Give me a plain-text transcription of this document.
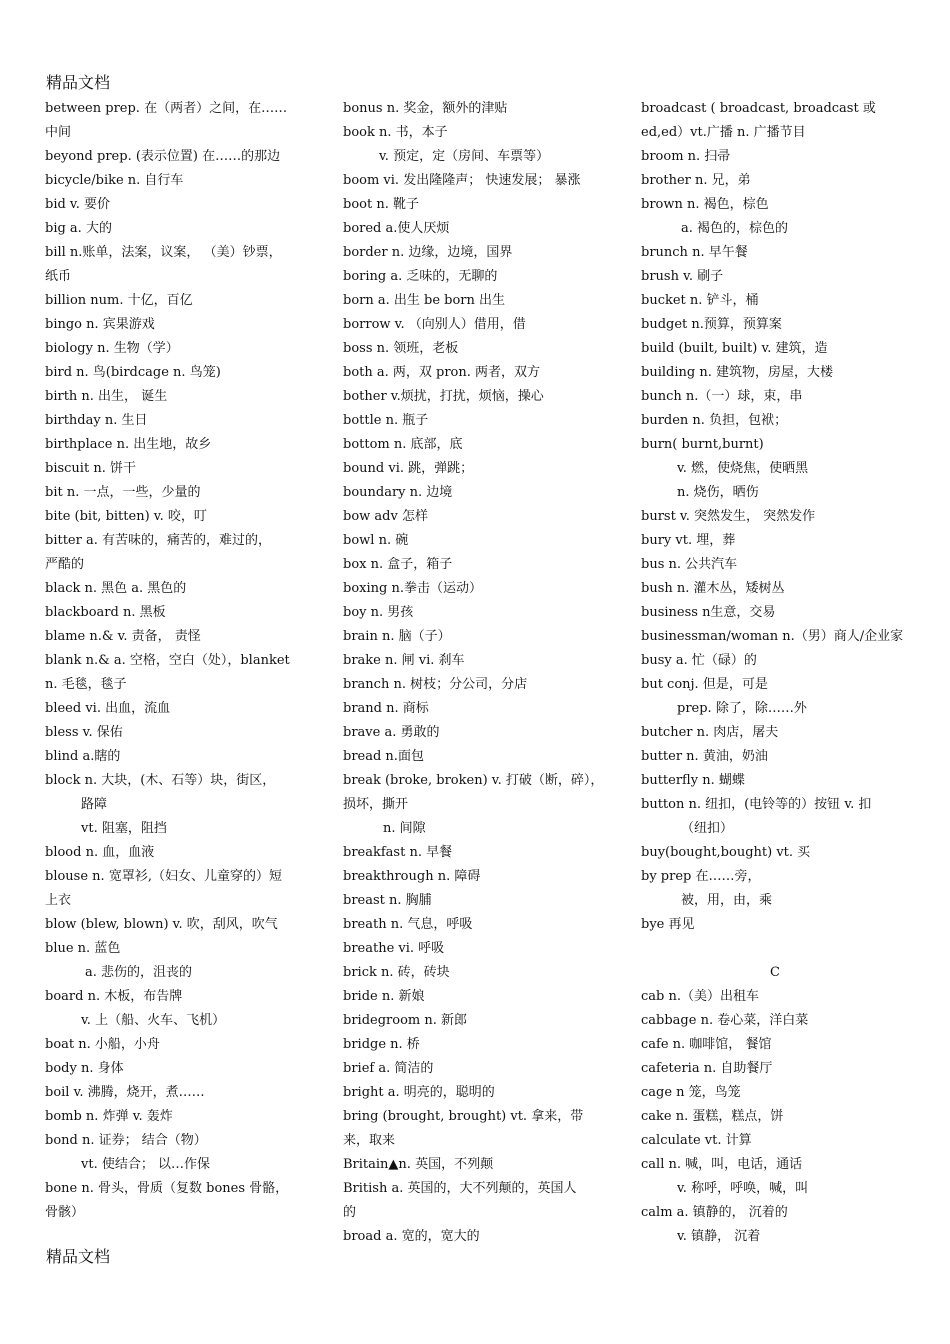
精品文档
between prep. 在（两者）之间，在……
中间
beyond prep. (表示位置) 在……的那边
bicycle/bike n. 自行车
bid v. 要价
big a. 大的
bill n.账单，法案，议案， （美）钞票，
纸币
billion num. 十亿，百亿
bingo n. 宾果游戏
biology n. 生物（学）
bird n. 鸟(birdcage n. 鸟笼)
birth n. 出生， 诞生
birthday n. 生日
birthplace n. 出生地，故乡
biscuit n. 饼干
bit n. 一点，一些，少量的
bite (bit, bitten) v. 咬，叮
bitter a. 有苦味的，痛苦的，难过的，
严酷的
black n. 黑色 a. 黑色的
blackboard n. 黑板
blame n.& v. 责备， 责怪
blank n.& a. 空格，空白（处），blanket
n. 毛毯，毯子
bleed vi. 出血，流血
bless v. 保佑
blind a.瞎的
block n. 大块，(木、石等）块，街区，
路障
vt. 阻塞，阻挡
blood n. 血，血液
blouse n. 宽罩衫,（妇女、儿童穿的）短
上衣
blow (blew, blown) v. 吹，刮风，吹气
blue n. 蓝色
a. 悲伤的，沮丧的
board n. 木板，布告牌
v. 上（船、火车、飞机）
boat n. 小船，小舟
body n. 身体
boil v. 沸腾，烧开，煮……
bomb n. 炸弹 v. 轰炸
bond n. 证券； 结合（物）
vt. 使结合； 以…作保
bone n. 骨头，骨质（复数 bones 骨骼，
骨骸）
bonus n. 奖金，额外的津贴
book n. 书，本子
v. 预定，定（房间、车票等）
boom vi. 发出隆隆声； 快速发展； 暴涨
boot n. 靴子
bored a.使人厌烦
border n. 边缘，边境，国界
boring a. 乏味的，无聊的
born a. 出生 be born 出生
borrow v. （向别人）借用，借
boss n. 领班，老板
both a. 两，双 pron. 两者，双方
bother v.烦扰，打扰，烦恼，操心
bottle n. 瓶子
bottom n. 底部，底
bound vi. 跳，弹跳；
boundary n. 边境
bow adv 怎样
bowl n. 碗
box n. 盒子，箱子
boxing n.拳击（运动）
boy n. 男孩
brain n. 脑（子）
brake n. 闸 vi. 刹车
branch n. 树枝；分公司，分店
brand n. 商标
brave a. 勇敢的
bread n.面包
break (broke, broken) v. 打破（断，碎），
损坏，撕开
n. 间隙
breakfast n. 早餐
breakthrough n. 障碍
breast n. 胸脯
breath n. 气息，呼吸
breathe vi. 呼吸
brick n. 砖，砖块
bride n. 新娘
bridegroom n. 新郎
bridge n. 桥
brief a. 简洁的
bright a. 明亮的，聪明的
bring (brought, brought) vt. 拿来，带
来，取来
Britain▲n. 英国，不列颠
British a. 英国的，大不列颠的，英国人
的
broad a. 宽的，宽大的
broadcast ( broadcast, broadcast 或
ed,ed）vt.广播 n. 广播节目
broom n. 扫帚
brother n. 兄，弟
brown n. 褐色，棕色
a. 褐色的，棕色的
brunch n. 早午餐
brush v. 刷子
bucket n. 铲斗，桶
budget n.预算，预算案
build (built, built) v. 建筑，造
building n. 建筑物，房屋，大楼
bunch n.（一）球，束，串
burden n. 负担，包袱；
burn( burnt,burnt)
v. 燃，使烧焦，使晒黑
n. 烧伤，晒伤
burst v. 突然发生， 突然发作
bury vt. 埋，葬
bus n. 公共汽车
bush n. 灌木丛，矮树丛
business n生意，交易
businessman/woman n.（男）商人/企业家
busy a. 忙（碌）的
but conj. 但是，可是
prep. 除了，除……外
butcher n. 肉店，屠夫
butter n. 黄油，奶油
butterfly n. 蝴蝶
button n. 纽扣，(电铃等的）按钮 v. 扣
（纽扣）
buy(bought,bought) vt. 买
by prep 在……旁，
被，用，由，乘
bye 再见
C
cab n.（美）出租车
cabbage n. 卷心菜，洋白菜
cafe n. 咖啡馆， 餐馆
cafeteria n. 自助餐厅
cage n 笼，鸟笼
cake n. 蛋糕，糕点，饼
calculate vt. 计算
call n. 喊，叫，电话，通话
v. 称呼，呼唤，喊，叫
calm a. 镇静的， 沉着的
v. 镇静， 沉着
精品文档
